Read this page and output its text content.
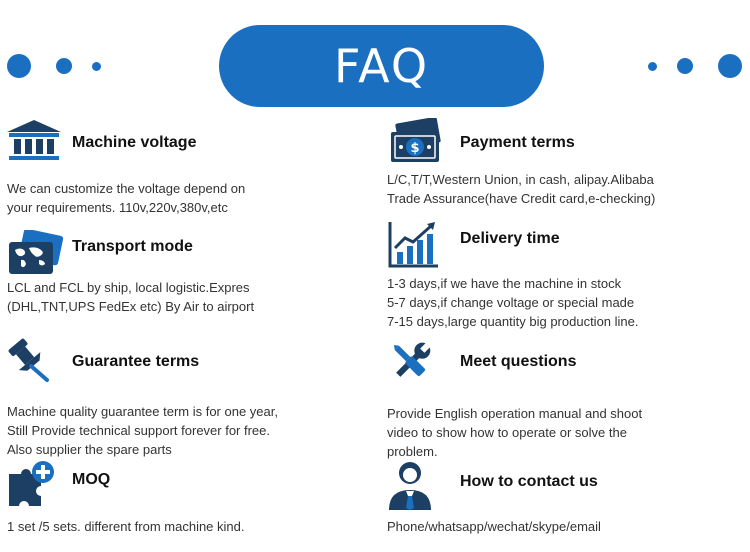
FAQ
Machine voltage
We can customize the voltage depend on
your requirements. 110v,220v,380v,etc
Transport mode
LCL and FCL by ship, local logistic.Expres
(DHL,TNT,UPS FedEx etc) By Air to airport
Guarantee terms
Machine quality guarantee term is for one year,
Still Provide technical support forever for free.
Also supplier the spare parts
MOQ
1 set /5 sets. different from machine kind.
$	Payment terms
L/C,T/T,Western Union, in cash, alipay.Alibaba
Trade Assurance(have Credit card,e-checking)
Delivery time
1-3 days,if we have the machine in stock
5-7 days,if change voltage or special made
7-15 days,large quantity big production line.
Meet questions
Provide English operation manual and shoot
video to show how to operate or solve the
problem.
How to contact us
Phone/whatsapp/wechat/skype/email
